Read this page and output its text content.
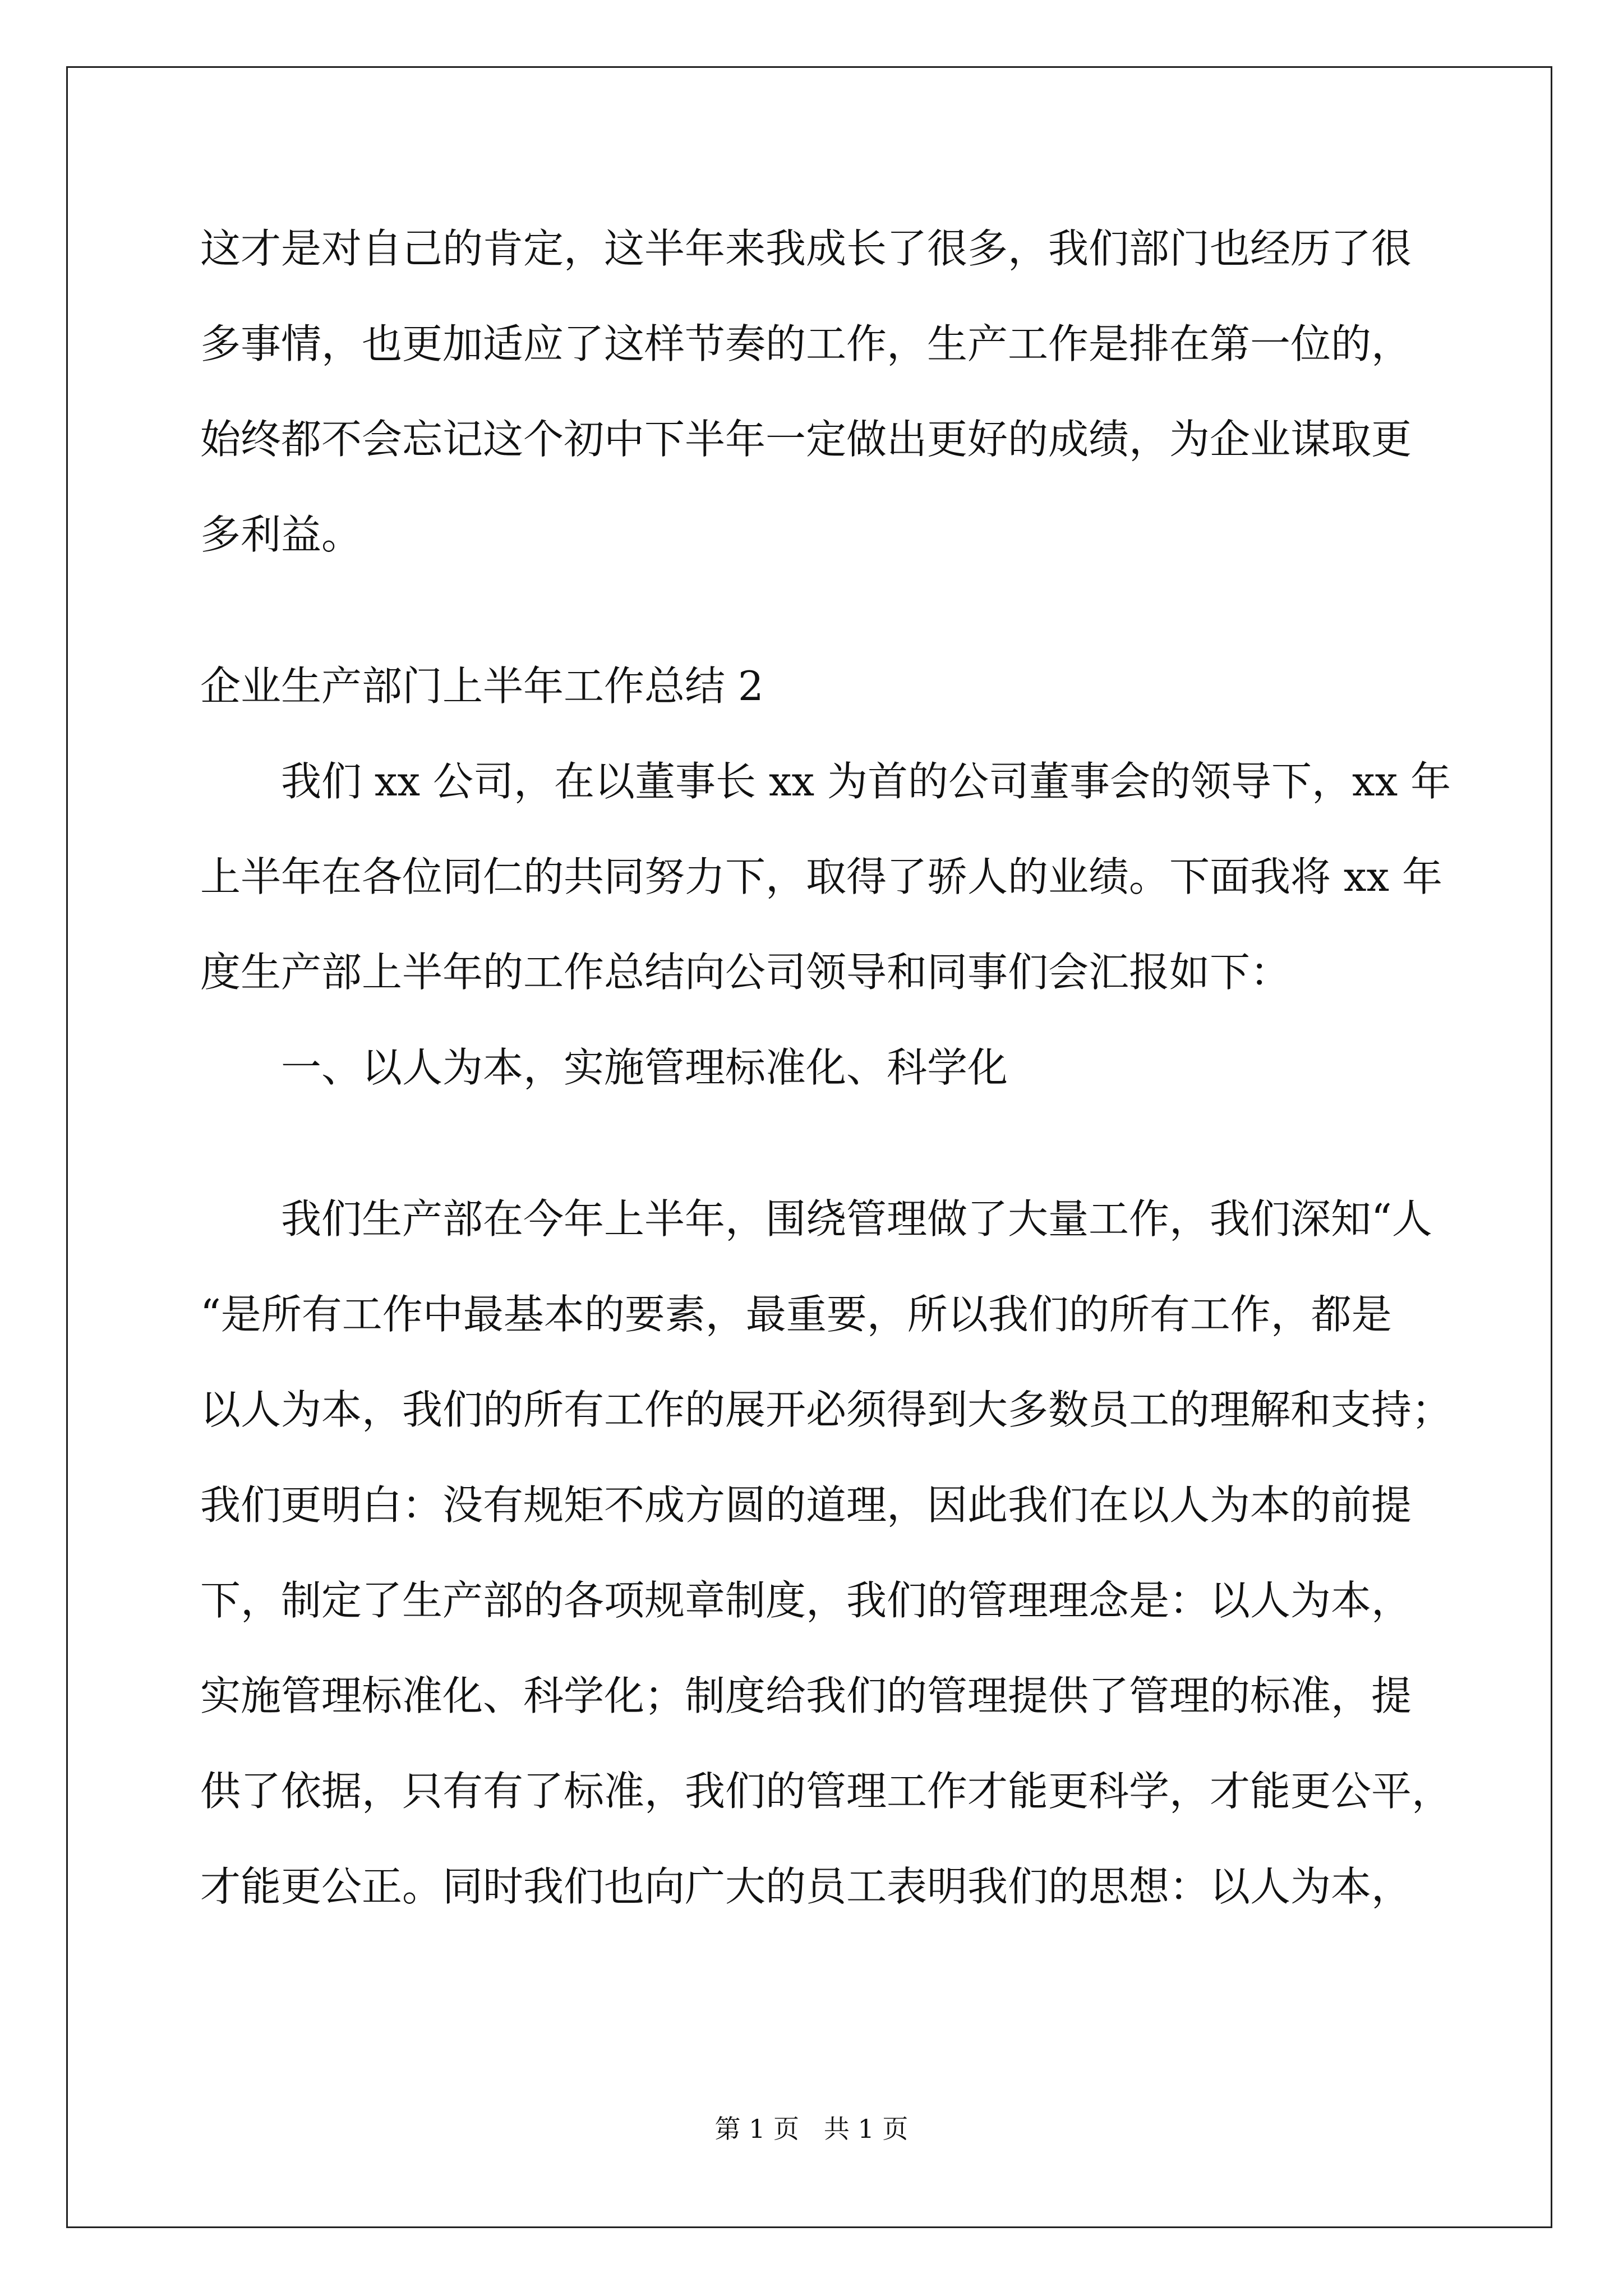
这才是对自己的肯定，这半年来我成长了很多，我们部门也经历了很
多事情，也更加适应了这样节奏的工作，生产工作是排在第一位的，
始终都不会忘记这个初中下半年一定做出更好的成绩，为企业谋取更
多利益。
企业生产部门上半年工作总结 2
　　我们 xx 公司，在以董事长 xx 为首的公司董事会的领导下，xx 年
上半年在各位同仁的共同努力下，取得了骄人的业绩。下面我将 xx 年
度生产部上半年的工作总结向公司领导和同事们会汇报如下：
　　一、以人为本，实施管理标准化、科学化
　　我们生产部在今年上半年，围绕管理做了大量工作，我们深知“人
“是所有工作中最基本的要素，最重要，所以我们的所有工作，都是
以人为本，我们的所有工作的展开必须得到大多数员工的理解和支持；
我们更明白：没有规矩不成方圆的道理，因此我们在以人为本的前提
下，制定了生产部的各项规章制度，我们的管理理念是：以人为本，
实施管理标准化、科学化；制度给我们的管理提供了管理的标准，提
供了依据，只有有了标准，我们的管理工作才能更科学，才能更公平，
才能更公正。同时我们也向广大的员工表明我们的思想：以人为本，
第 1 页   共 1 页
